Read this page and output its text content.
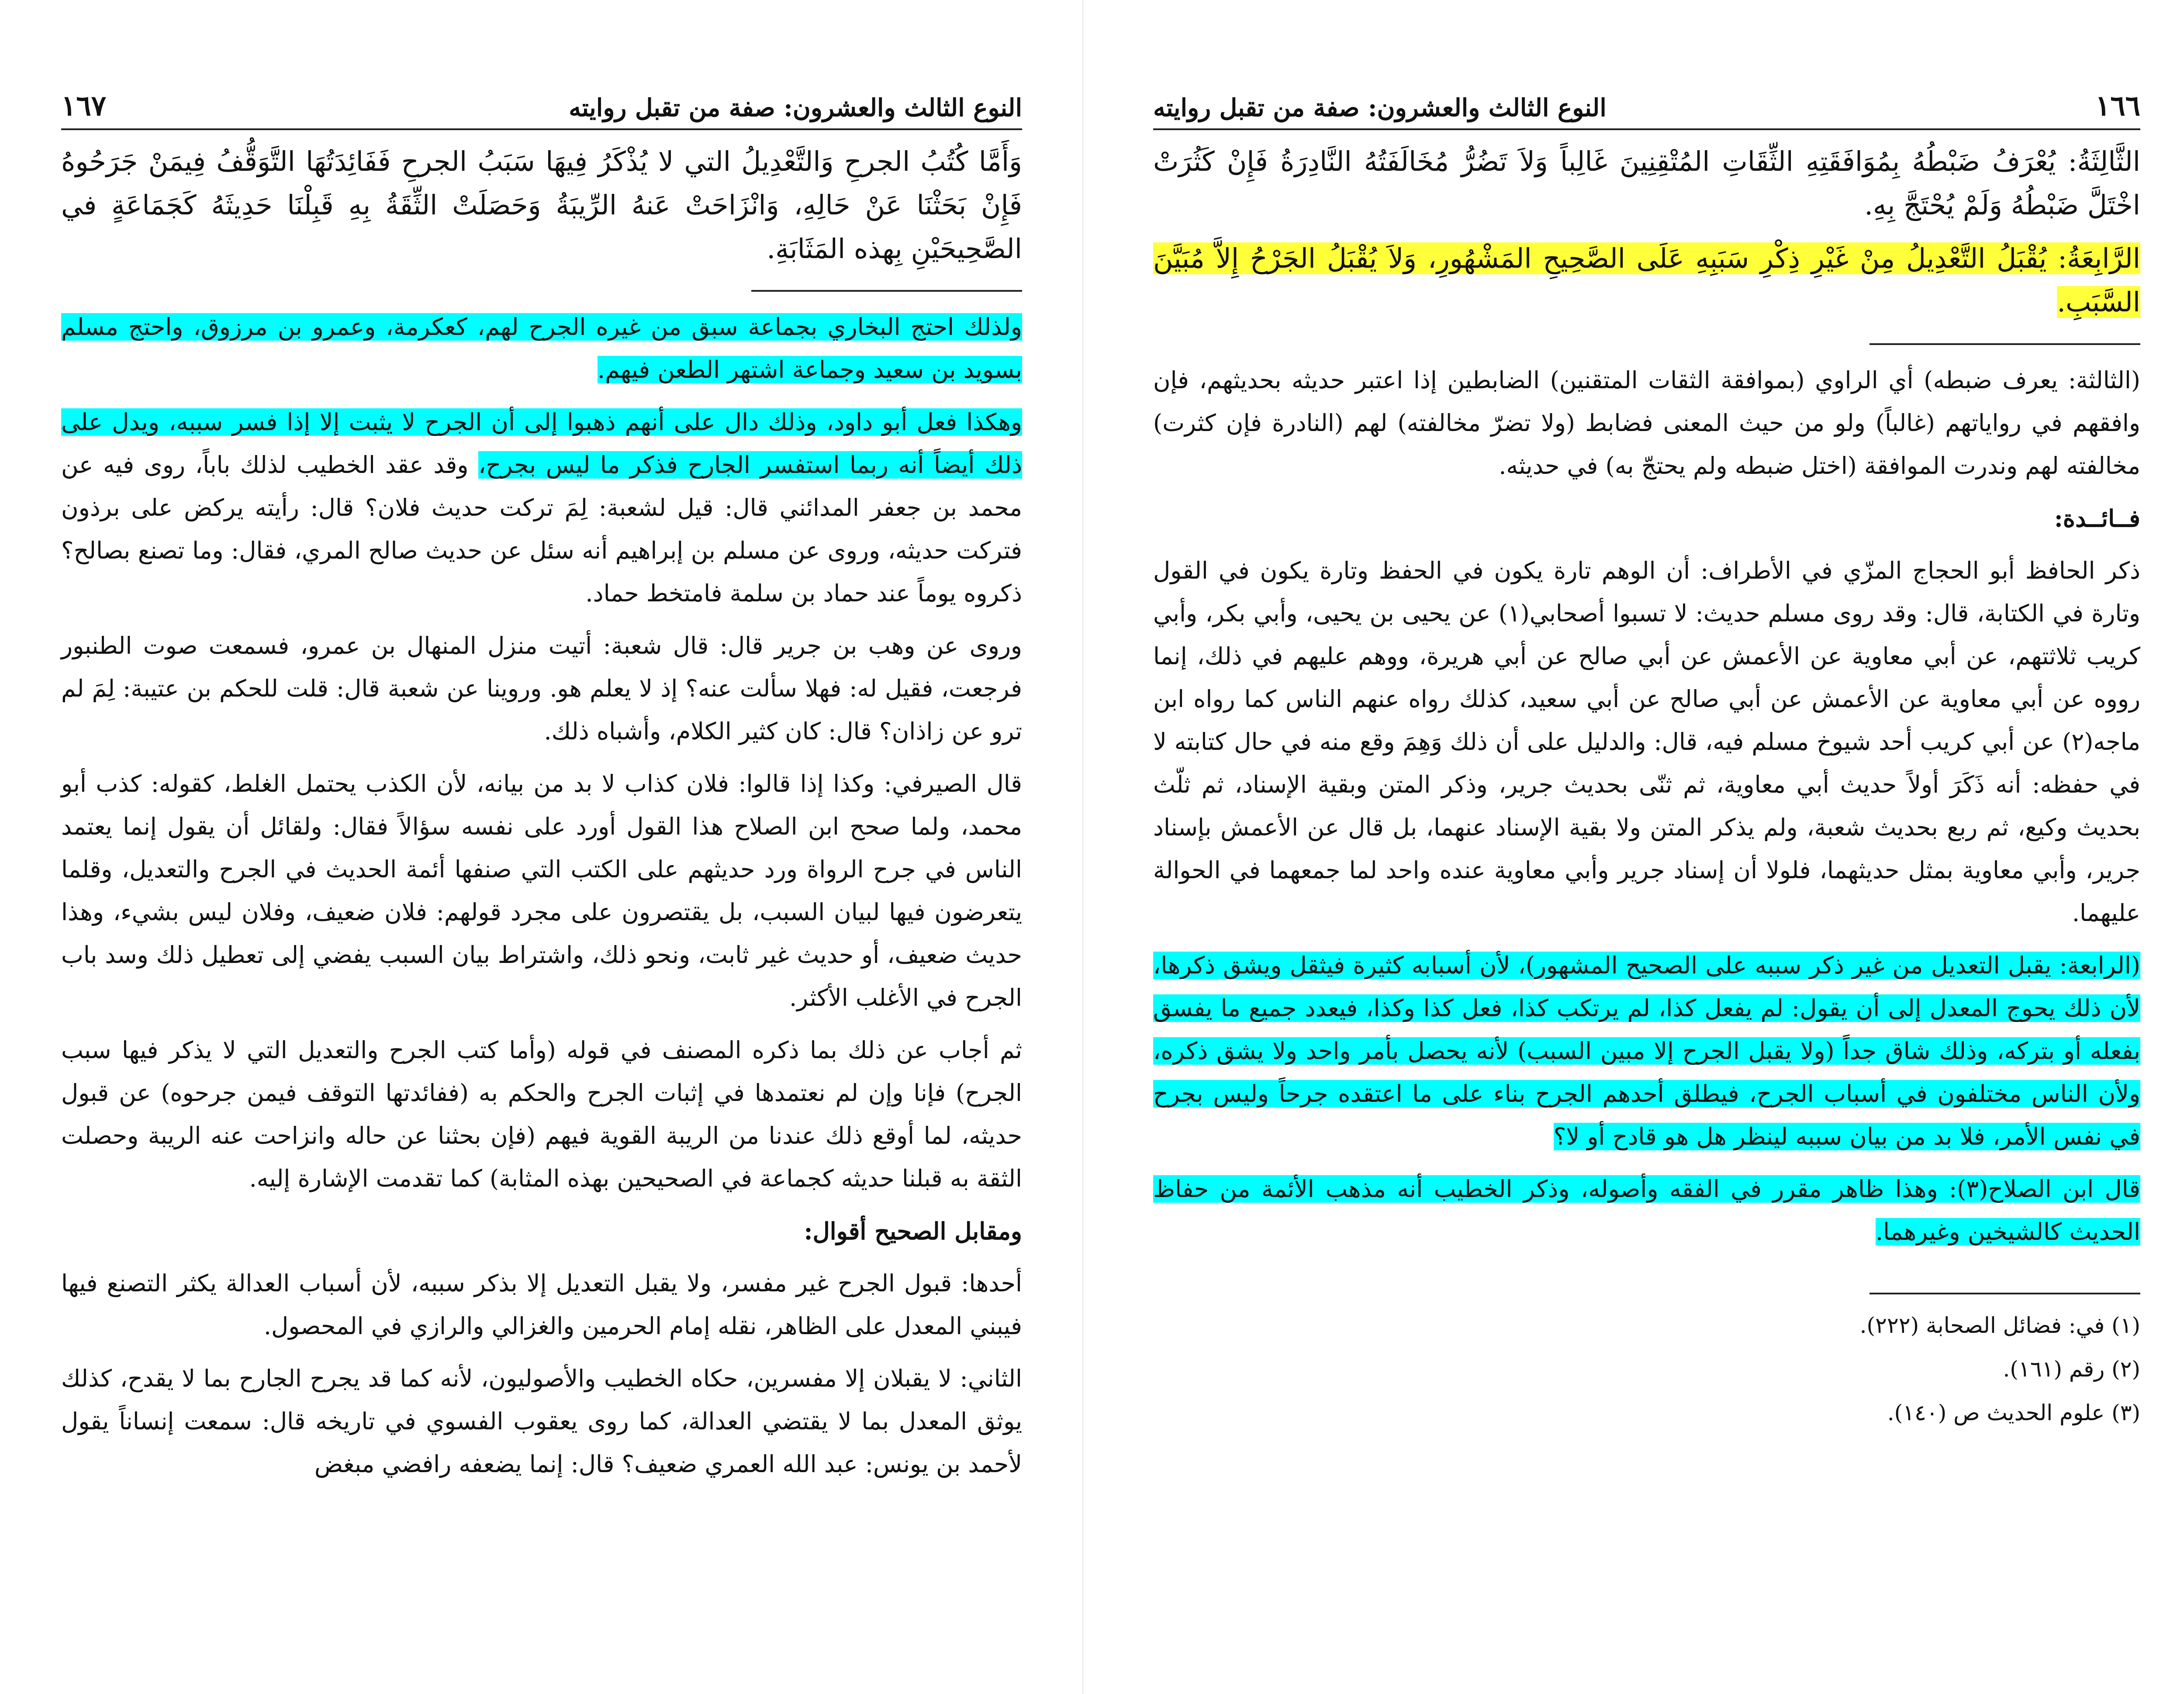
النوع الثالث والعشرون: صفة من تقبل روايته
١٦٧

وَأَمَّا كُتُبُ الجرحِ وَالتَّعْدِيلُ التي لا يُذْكَرُ فِيهَا سَبَبُ الجرحِ فَفَائِدَتُهَا التَّوَقُّفُ فِيمَنْ جَرَحُوهُ فَإِنْ بَحَثْنَا عَنْ حَالِهِ، وَانْزَاحَتْ عَنهُ الرِّيبَةُ وَحَصَلَتْ الثِّقَةُ بِهِ قَبِلْنَا حَدِيثَهُ كَجَمَاعَةٍ في الصَّحِيحَيْنِ بِهذه المَثَابَةِ.

ولذلك احتج البخاري بجماعة سبق من غيره الجرح لهم، كعكرمة، وعمرو بن مرزوق، واحتج مسلم بسويد بن سعيد وجماعة اشتهر الطعن فيهم.

وهكذا فعل أبو داود، وذلك دال على أنهم ذهبوا إلى أن الجرح لا يثبت إلا إذا فسر سببه، ويدل على ذلك أيضاً أنه ربما استفسر الجارح فذكر ما ليس بجرح، وقد عقد الخطيب لذلك باباً، روى فيه عن محمد بن جعفر المدائني قال: قيل لشعبة: لِمَ تركت حديث فلان؟ قال: رأيته يركض على برذون فتركت حديثه، وروى عن مسلم بن إبراهيم أنه سئل عن حديث صالح المري، فقال: وما تصنع بصالح؟ ذكروه يوماً عند حماد بن سلمة فامتخط حماد.

وروى عن وهب بن جرير قال: قال شعبة: أتيت منزل المنهال بن عمرو، فسمعت صوت الطنبور فرجعت، فقيل له: فهلا سألت عنه؟ إذ لا يعلم هو. وروينا عن شعبة قال: قلت للحكم بن عتيبة: لِمَ لم ترو عن زاذان؟ قال: كان كثير الكلام، وأشباه ذلك.

قال الصيرفي: وكذا إذا قالوا: فلان كذاب لا بد من بيانه، لأن الكذب يحتمل الغلط، كقوله: كذب أبو محمد، ولما صحح ابن الصلاح هذا القول أورد على نفسه سؤالاً فقال: ولقائل أن يقول إنما يعتمد الناس في جرح الرواة ورد حديثهم على الكتب التي صنفها أئمة الحديث في الجرح والتعديل، وقلما يتعرضون فيها لبيان السبب، بل يقتصرون على مجرد قولهم: فلان ضعيف، وفلان ليس بشيء، وهذا حديث ضعيف، أو حديث غير ثابت، ونحو ذلك، واشتراط بيان السبب يفضي إلى تعطيل ذلك وسد باب الجرح في الأغلب الأكثر.

ثم أجاب عن ذلك بما ذكره المصنف في قوله (وأما كتب الجرح والتعديل التي لا يذكر فيها سبب الجرح) فإنا وإن لم نعتمدها في إثبات الجرح والحكم به (ففائدتها التوقف فيمن جرحوه) عن قبول حديثه، لما أوقع ذلك عندنا من الريبة القوية فيهم (فإن بحثنا عن حاله وانزاحت عنه الريبة وحصلت الثقة به قبلنا حديثه كجماعة في الصحيحين بهذه المثابة) كما تقدمت الإشارة إليه.

ومقابل الصحيح أقوال:

أحدها: قبول الجرح غير مفسر، ولا يقبل التعديل إلا بذكر سببه، لأن أسباب العدالة يكثر التصنع فيها فيبني المعدل على الظاهر، نقله إمام الحرمين والغزالي والرازي في المحصول.

الثاني: لا يقبلان إلا مفسرين، حكاه الخطيب والأصوليون، لأنه كما قد يجرح الجارح بما لا يقدح، كذلك يوثق المعدل بما لا يقتضي العدالة، كما روى يعقوب الفسوي في تاريخه قال: سمعت إنساناً يقول لأحمد بن يونس: عبد الله العمري ضعيف؟ قال: إنما يضعفه رافضي مبغض

١٦٦
النوع الثالث والعشرون: صفة من تقبل روايته

الثَّالِثَةُ: يُعْرَفُ ضَبْطُهُ بِمُوَافَقَتِهِ الثِّقَاتِ المُتْقِنِينَ غَالِباً وَلاَ تَضُرُّ مُخَالَفَتُهُ النَّادِرَةُ فَإِنْ كَثُرَتْ اخْتَلَّ ضَبْطُهُ وَلَمْ يُحْتَجَّ بِهِ.

الرَّابِعَةُ: يُقْبَلُ التَّعْدِيلُ مِنْ غَيْرِ ذِكْرِ سَبَبِهِ عَلَى الصَّحِيحِ المَشْهُورِ، وَلاَ يُقْبَلُ الجَرْحُ إِلاَّ مُبَيَّنَ السَّبَبِ.

(الثالثة: يعرف ضبطه) أي الراوي (بموافقة الثقات المتقنين) الضابطين إذا اعتبر حديثه بحديثهم، فإن وافقهم في رواياتهم (غالباً) ولو من حيث المعنى فضابط (ولا تضرّ مخالفته) لهم (النادرة فإن كثرت) مخالفته لهم وندرت الموافقة (اختل ضبطه ولم يحتجّ به) في حديثه.

فــائــدة:

ذكر الحافظ أبو الحجاج المزّي في الأطراف: أن الوهم تارة يكون في الحفظ وتارة يكون في القول وتارة في الكتابة، قال: وقد روى مسلم حديث: لا تسبوا أصحابي(١) عن يحيى بن يحيى، وأبي بكر، وأبي كريب ثلاثتهم، عن أبي معاوية عن الأعمش عن أبي صالح عن أبي هريرة، ووهم عليهم في ذلك، إنما رووه عن أبي معاوية عن الأعمش عن أبي صالح عن أبي سعيد، كذلك رواه عنهم الناس كما رواه ابن ماجه(٢) عن أبي كريب أحد شيوخ مسلم فيه، قال: والدليل على أن ذلك وَهِمَ وقع منه في حال كتابته لا في حفظه: أنه ذَكَرَ أولاً حديث أبي معاوية، ثم ثنّى بحديث جرير، وذكر المتن وبقية الإسناد، ثم ثلّث بحديث وكيع، ثم ربع بحديث شعبة، ولم يذكر المتن ولا بقية الإسناد عنهما، بل قال عن الأعمش بإسناد جرير، وأبي معاوية بمثل حديثهما، فلولا أن إسناد جرير وأبي معاوية عنده واحد لما جمعهما في الحوالة عليهما.

(الرابعة: يقبل التعديل من غير ذكر سببه على الصحيح المشهور)، لأن أسبابه كثيرة فيثقل ويشق ذكرها، لأن ذلك يحوج المعدل إلى أن يقول: لم يفعل كذا، لم يرتكب كذا، فعل كذا وكذا، فيعدد جميع ما يفسق بفعله أو بتركه، وذلك شاق جداً (ولا يقبل الجرح إلا مبين السبب) لأنه يحصل بأمر واحد ولا يشق ذكره، ولأن الناس مختلفون في أسباب الجرح، فيطلق أحدهم الجرح بناء على ما اعتقده جرحاً وليس بجرح في نفس الأمر، فلا بد من بيان سببه لينظر هل هو قادح أو لا؟

قال ابن الصلاح(٣): وهذا ظاهر مقرر في الفقه وأصوله، وذكر الخطيب أنه مذهب الأئمة من حفاظ الحديث كالشيخين وغيرهما.

(١) في: فضائل الصحابة (٢٢٢).

(٢) رقم (١٦١).

(٣) علوم الحديث ص (١٤٠).
